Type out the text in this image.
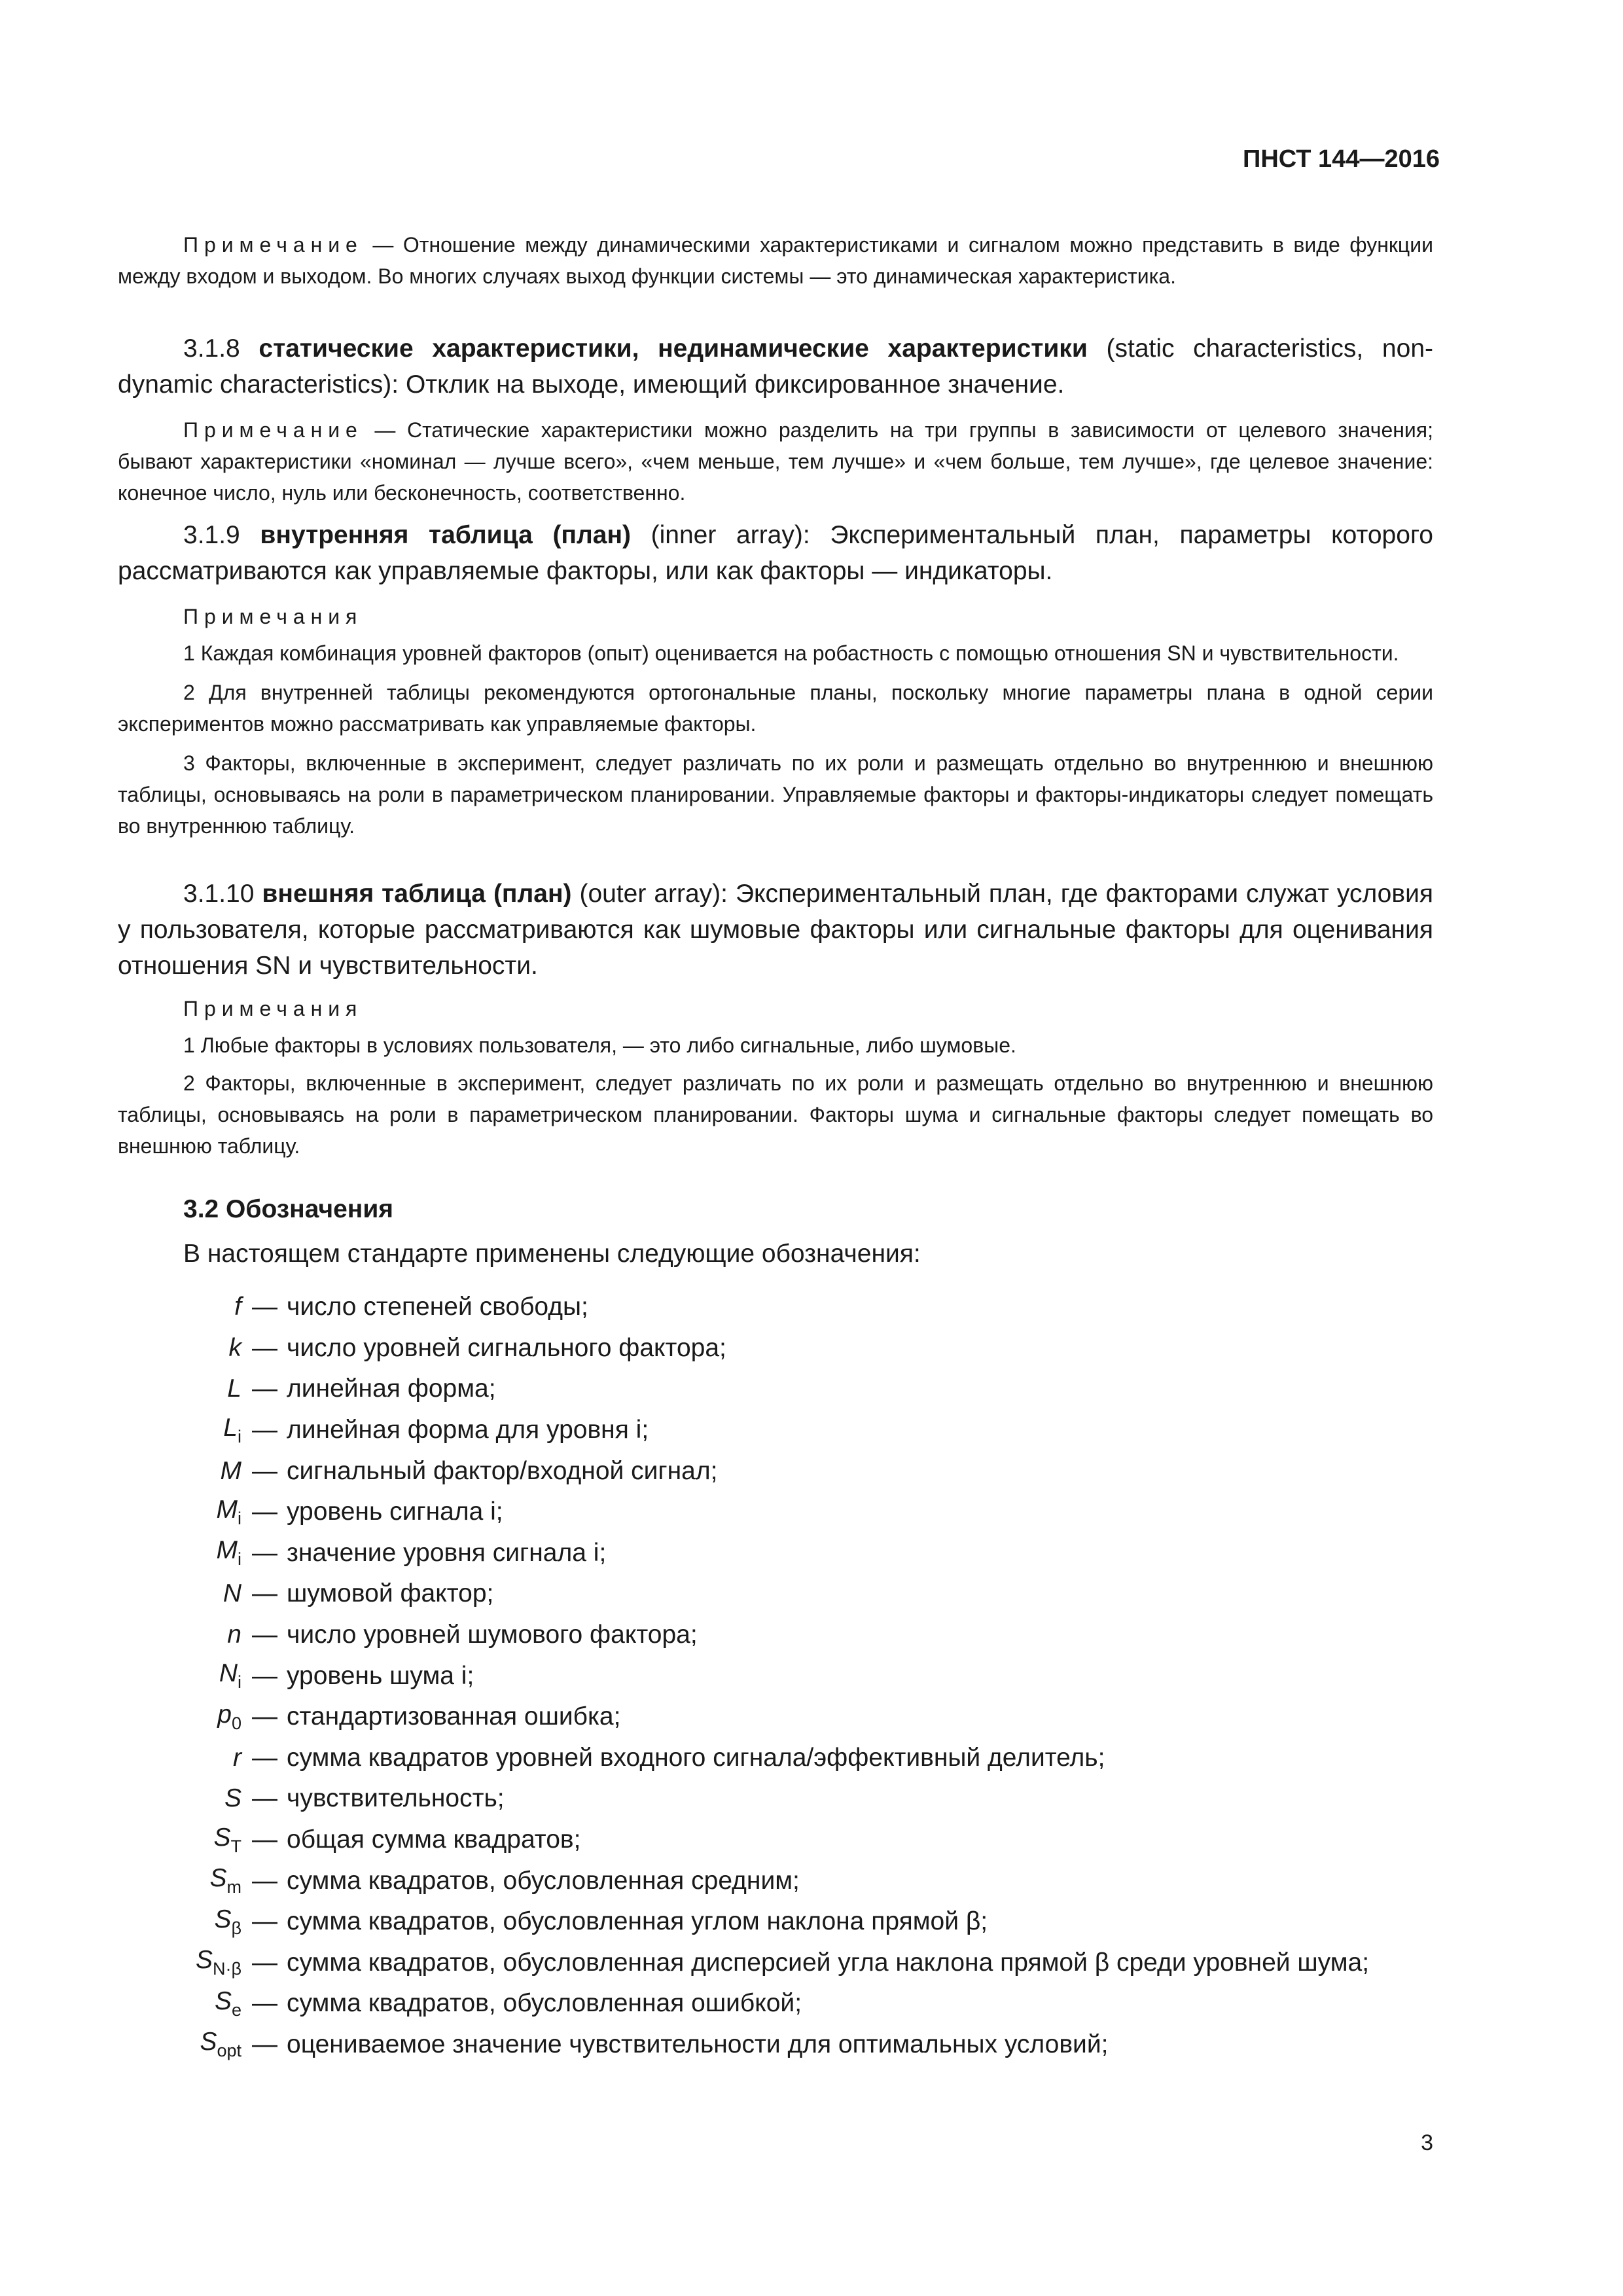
ПНСТ 144—2016

Примечание — Отношение между динамическими характеристиками и сигналом можно представить в виде функции между входом и выходом. Во многих случаях выход функции системы — это динамическая характеристика.

3.1.8 статические характеристики, нединамические характеристики (static characteristics, non-dynamic characteristics): Отклик на выходе, имеющий фиксированное значение.

Примечание — Статические характеристики можно разделить на три группы в зависимости от целевого значения; бывают характеристики «номинал — лучше всего», «чем меньше, тем лучше» и «чем больше, тем лучше», где целевое значение: конечное число, нуль или бесконечность, соответственно.

3.1.9 внутренняя таблица (план) (inner array): Экспериментальный план, параметры которого рассматриваются как управляемые факторы, или как факторы — индикаторы.

Примечания

1 Каждая комбинация уровней факторов (опыт) оценивается на робастность с помощью отношения SN и чувствительности.

2 Для внутренней таблицы рекомендуются ортогональные планы, поскольку многие параметры плана в одной серии экспериментов можно рассматривать как управляемые факторы.

3 Факторы, включенные в эксперимент, следует различать по их роли и размещать отдельно во внутреннюю и внешнюю таблицы, основываясь на роли в параметрическом планировании. Управляемые факторы и факторы-индикаторы следует помещать во внутреннюю таблицу.

3.1.10 внешняя таблица (план) (outer array): Экспериментальный план, где факторами служат условия у пользователя, которые рассматриваются как шумовые факторы или сигнальные факторы для оценивания отношения SN и чувствительности.

Примечания

1 Любые факторы в условиях пользователя, — это либо сигнальные, либо шумовые.

2 Факторы, включенные в эксперимент, следует различать по их роли и размещать отдельно во внутреннюю и внешнюю таблицы, основываясь на роли в параметрическом планировании. Факторы шума и сигнальные факторы следует помещать во внешнюю таблицу.

3.2 Обозначения

В настоящем стандарте применены следующие обозначения:

f — число степеней свободы;
k — число уровней сигнального фактора;
L — линейная форма;
$L_i$ — линейная форма для уровня i;
M — сигнальный фактор/входной сигнал;
$M_i$ — уровень сигнала i;
$M_i$ — значение уровня сигнала i;
N — шумовой фактор;
n — число уровней шумового фактора;
$N_i$ — уровень шума i;
$p_0$ — стандартизованная ошибка;
r — сумма квадратов уровней входного сигнала/эффективный делитель;
S — чувствительность;
$S_T$ — общая сумма квадратов;
$S_m$ — сумма квадратов, обусловленная средним;
$S_\beta$ — сумма квадратов, обусловленная углом наклона прямой β;
$S_{N\cdot\beta}$ — сумма квадратов, обусловленная дисперсией угла наклона прямой β среди уровней шума;
$S_e$ — сумма квадратов, обусловленная ошибкой;
$S_{opt}$ — оцениваемое значение чувствительности для оптимальных условий;
3
